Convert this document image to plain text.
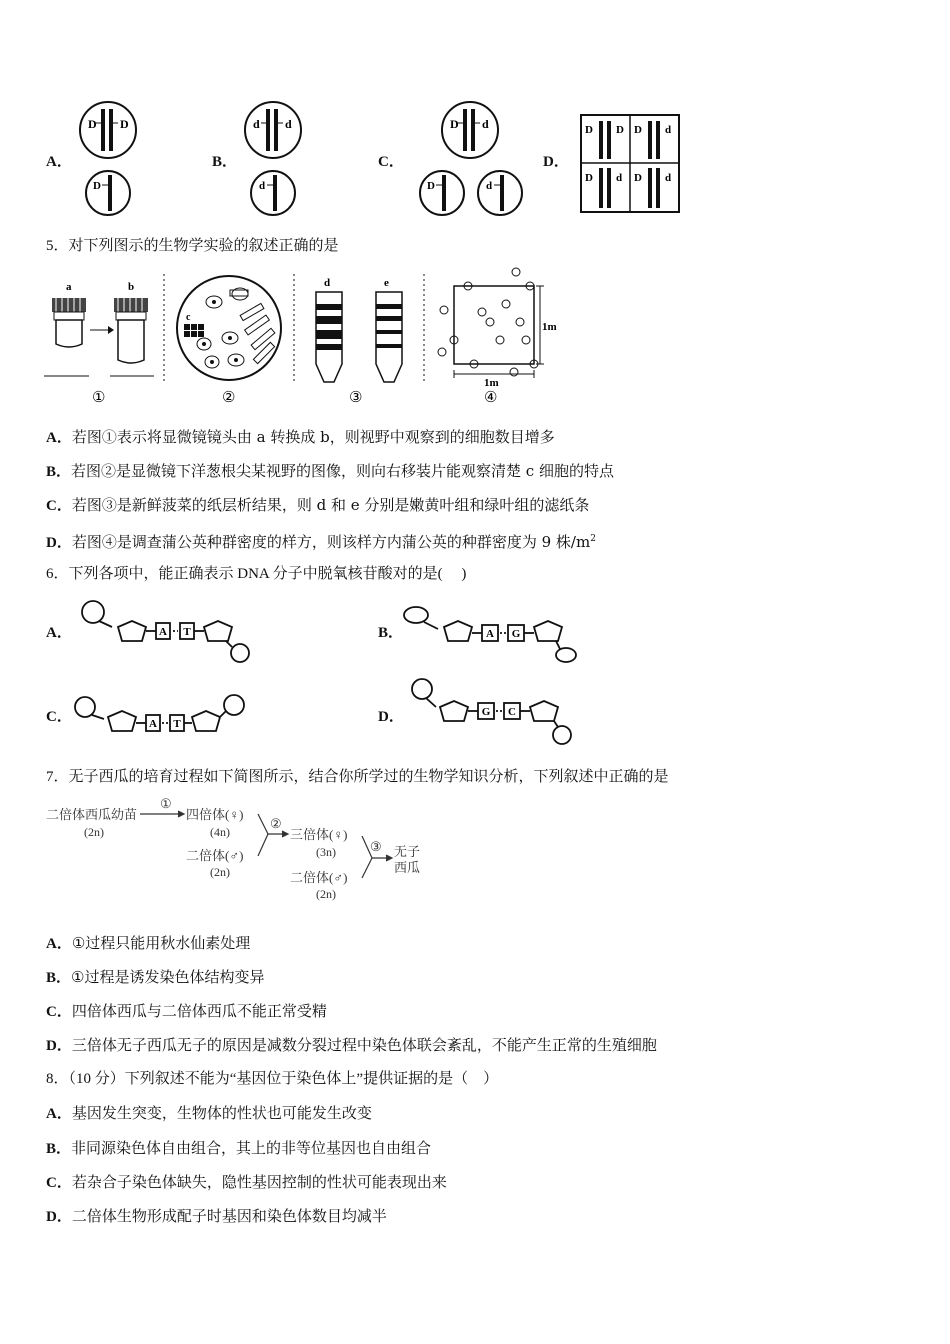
A．	B．	C．	D．
D D
D
d d
d
D d
D	d
D D D d
D d D d
5．对下列图示的生物学实验的叙述正确的是
a	b
①
c
②
d	e
③
1m
1m
④
A．若图①表示将显微镜镜头由 a 转换成 b，则视野中观察到的细胞数目增多
B．若图②是显微镜下洋葱根尖某视野的图像，则向右移装片能观察清楚 c 细胞的特点
C．若图③是新鲜菠菜的纸层析结果，则 d 和 e 分别是嫩黄叶组和绿叶组的滤纸条
D．若图④是调查蒲公英种群密度的样方，则该样方内蒲公英的种群密度为 9 株$/m^2$
6．下列各项中，能正确表示 DNA 分子中脱氧核苷酸对的是(　 )
A．	B．
C．	D．
A T	A G
A T
G C
7．无子西瓜的培育过程如下简图所示，结合你所学过的生物学知识分析，下列叙述中正确的是
二倍体西瓜幼苗
(2n)
①
四倍体(♀)
(4n)
二倍体(♂)
(2n)
②
三倍体(♀)
(3n)
二倍体(♂)
(2n)
③ 无子
西瓜
A．①过程只能用秋水仙素处理
B．①过程是诱发染色体结构变异
C．四倍体西瓜与二倍体西瓜不能正常受精
D．三倍体无子西瓜无子的原因是减数分裂过程中染色体联会紊乱，不能产生正常的生殖细胞
8．（10 分）下列叙述不能为“基因位于染色体上”提供证据的是（　）
A．基因发生突变，生物体的性状也可能发生改变
B．非同源染色体自由组合，其上的非等位基因也自由组合
C．若杂合子染色体缺失，隐性基因控制的性状可能表现出来
D．二倍体生物形成配子时基因和染色体数目均减半
